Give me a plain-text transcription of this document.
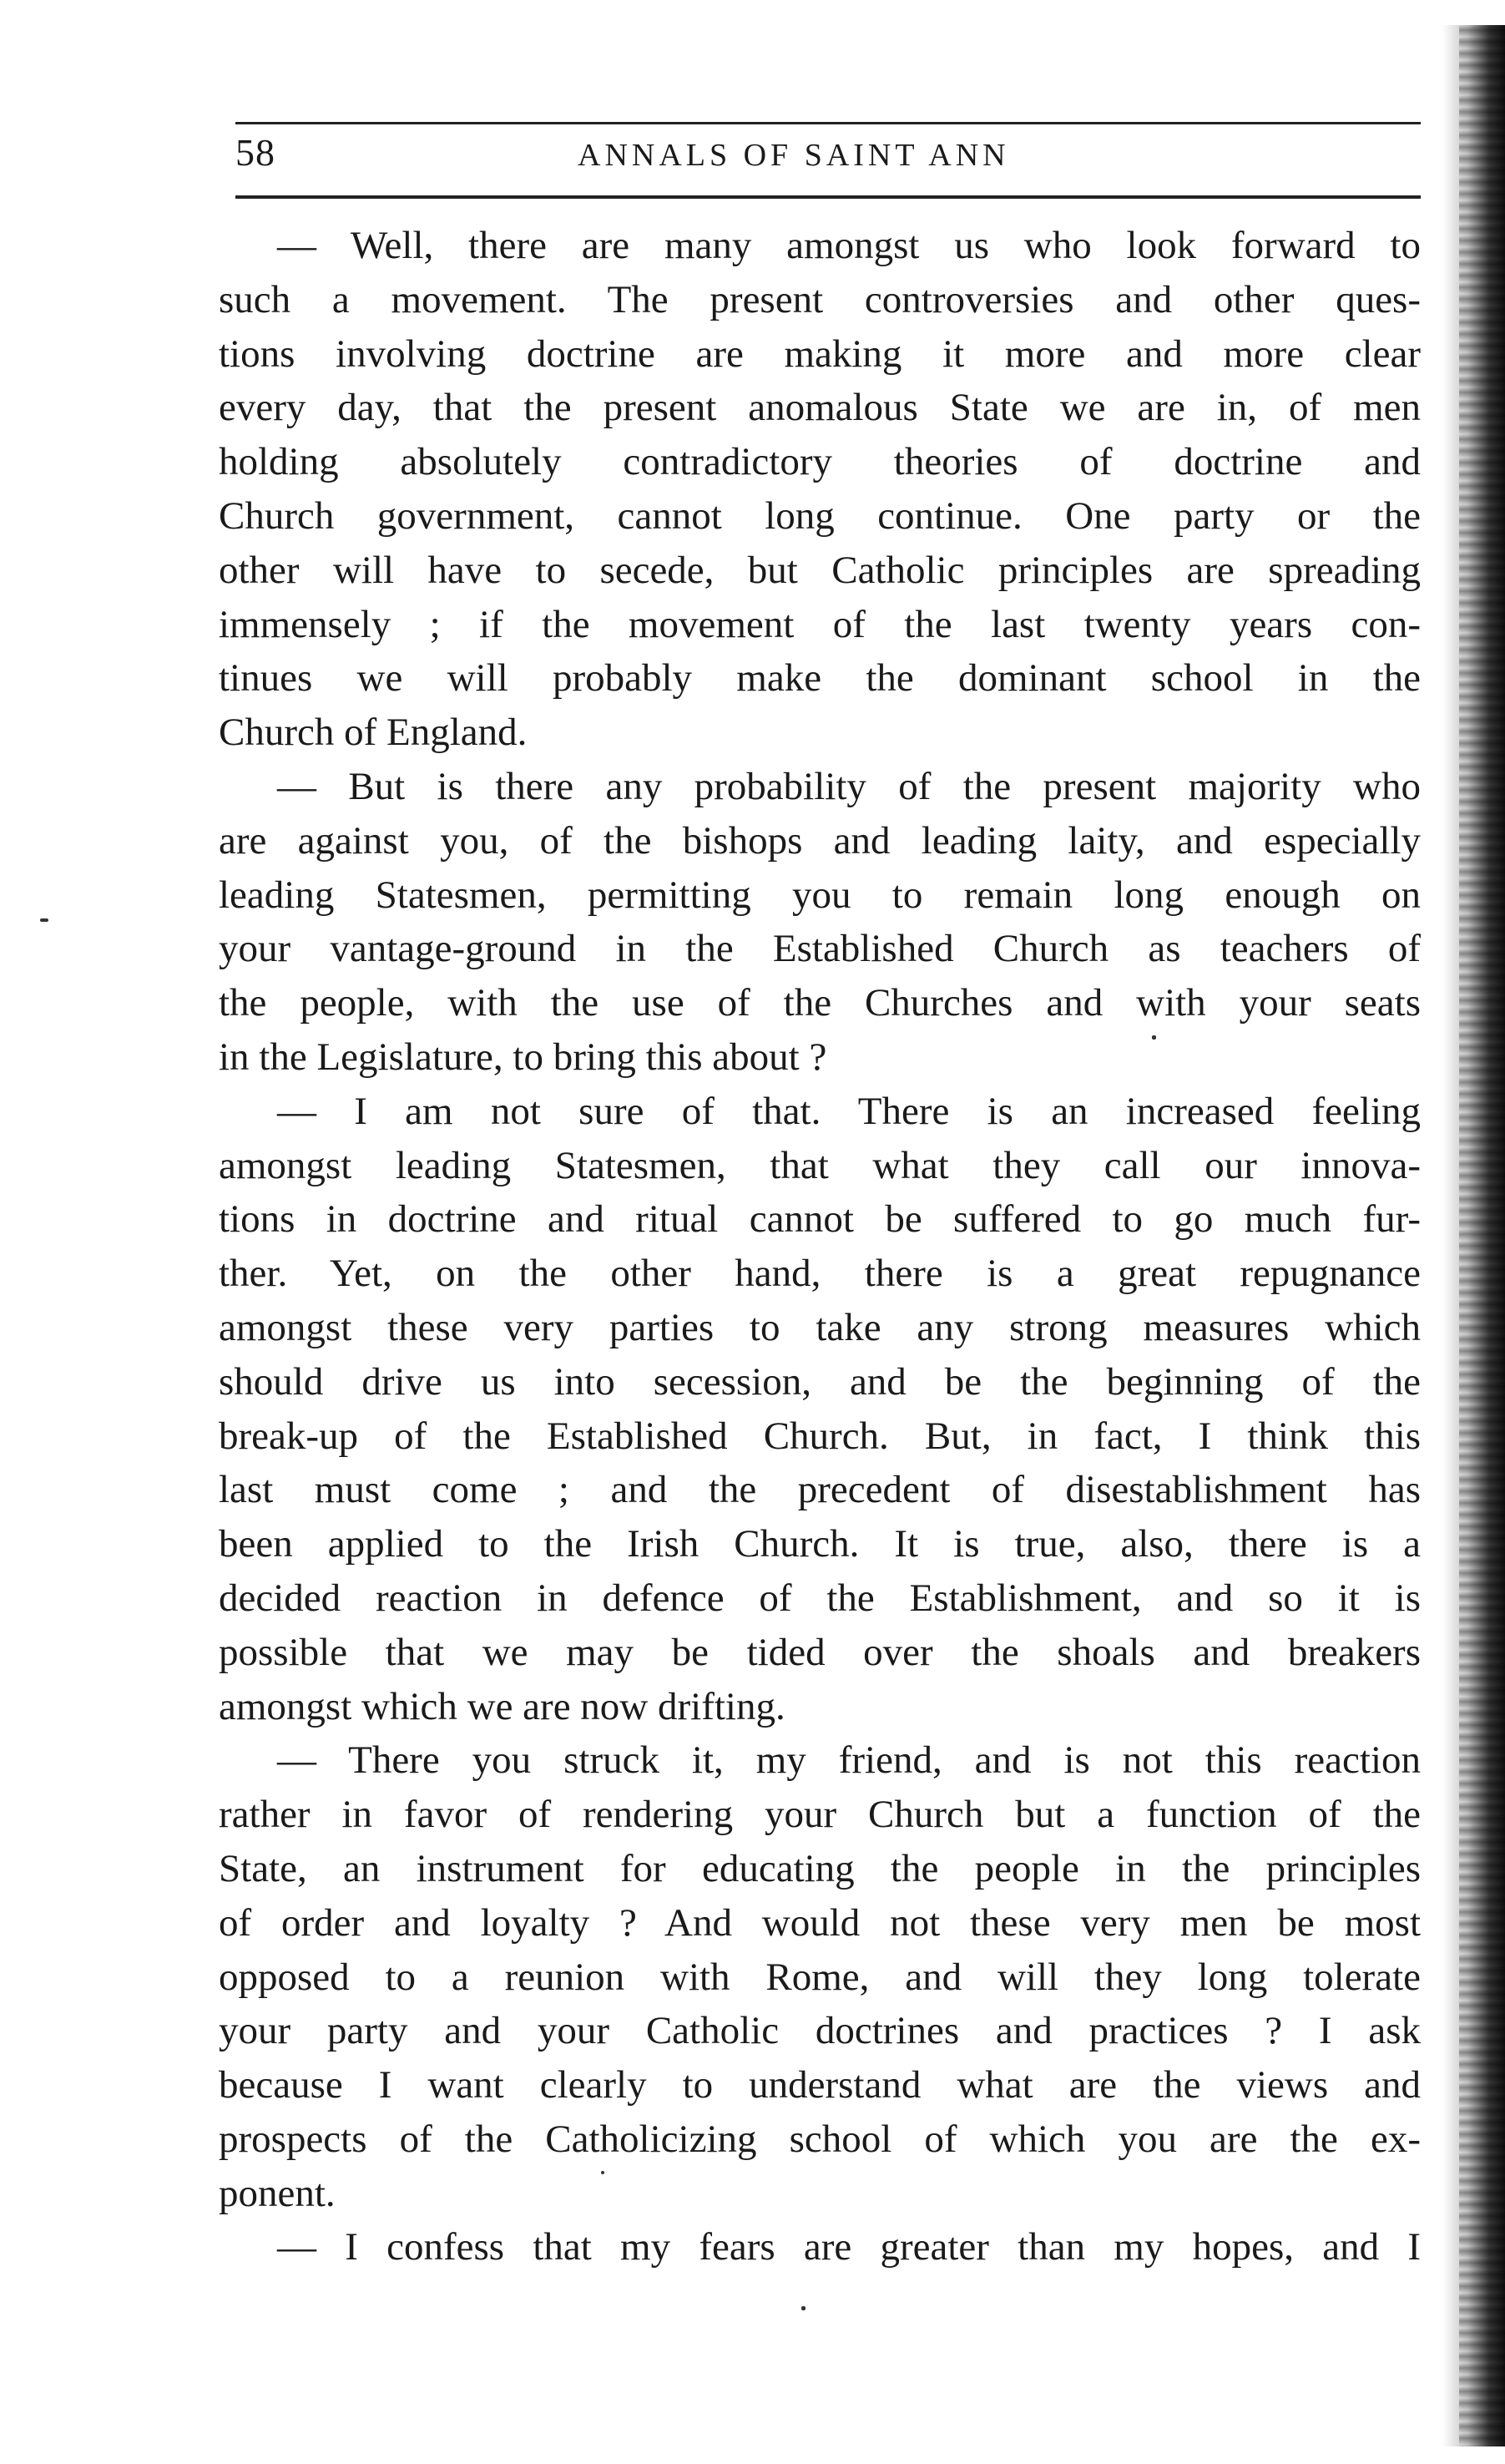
58	ANNALS OF SAINT ANN

— Well, there are many amongst us who look forward to
such a movement. The present controversies and other ques-
tions involving doctrine are making it more and more clear
every day, that the present anomalous State we are in, of men
holding absolutely contradictory theories of doctrine and
Church government, cannot long continue. One party or the
other will have to secede, but Catholic principles are spreading
immensely ; if the movement of the last twenty years con-
tinues we will probably make the dominant school in the
Church of England.

— But is there any probability of the present majority who
are against you, of the bishops and leading laity, and especially
leading Statesmen, permitting you to remain long enough on
your vantage-ground in the Established Church as teachers of
the people, with the use of the Churches and with your seats
in the Legislature, to bring this about ?

— I am not sure of that. There is an increased feeling
amongst leading Statesmen, that what they call our innova-
tions in doctrine and ritual cannot be suffered to go much fur-
ther. Yet, on the other hand, there is a great repugnance
amongst these very parties to take any strong measures which
should drive us into secession, and be the beginning of the
break-up of the Established Church. But, in fact, I think this
last must come ; and the precedent of disestablishment has
been applied to the Irish Church. It is true, also, there is a
decided reaction in defence of the Establishment, and so it is
possible that we may be tided over the shoals and breakers
amongst which we are now drifting.

— There you struck it, my friend, and is not this reaction
rather in favor of rendering your Church but a function of the
State, an instrument for educating the people in the principles
of order and loyalty ? And would not these very men be most
opposed to a reunion with Rome, and will they long tolerate
your party and your Catholic doctrines and practices ? I ask
because I want clearly to understand what are the views and
prospects of the Catholicizing school of which you are the ex-
ponent.

— I confess that my fears are greater than my hopes, and I
